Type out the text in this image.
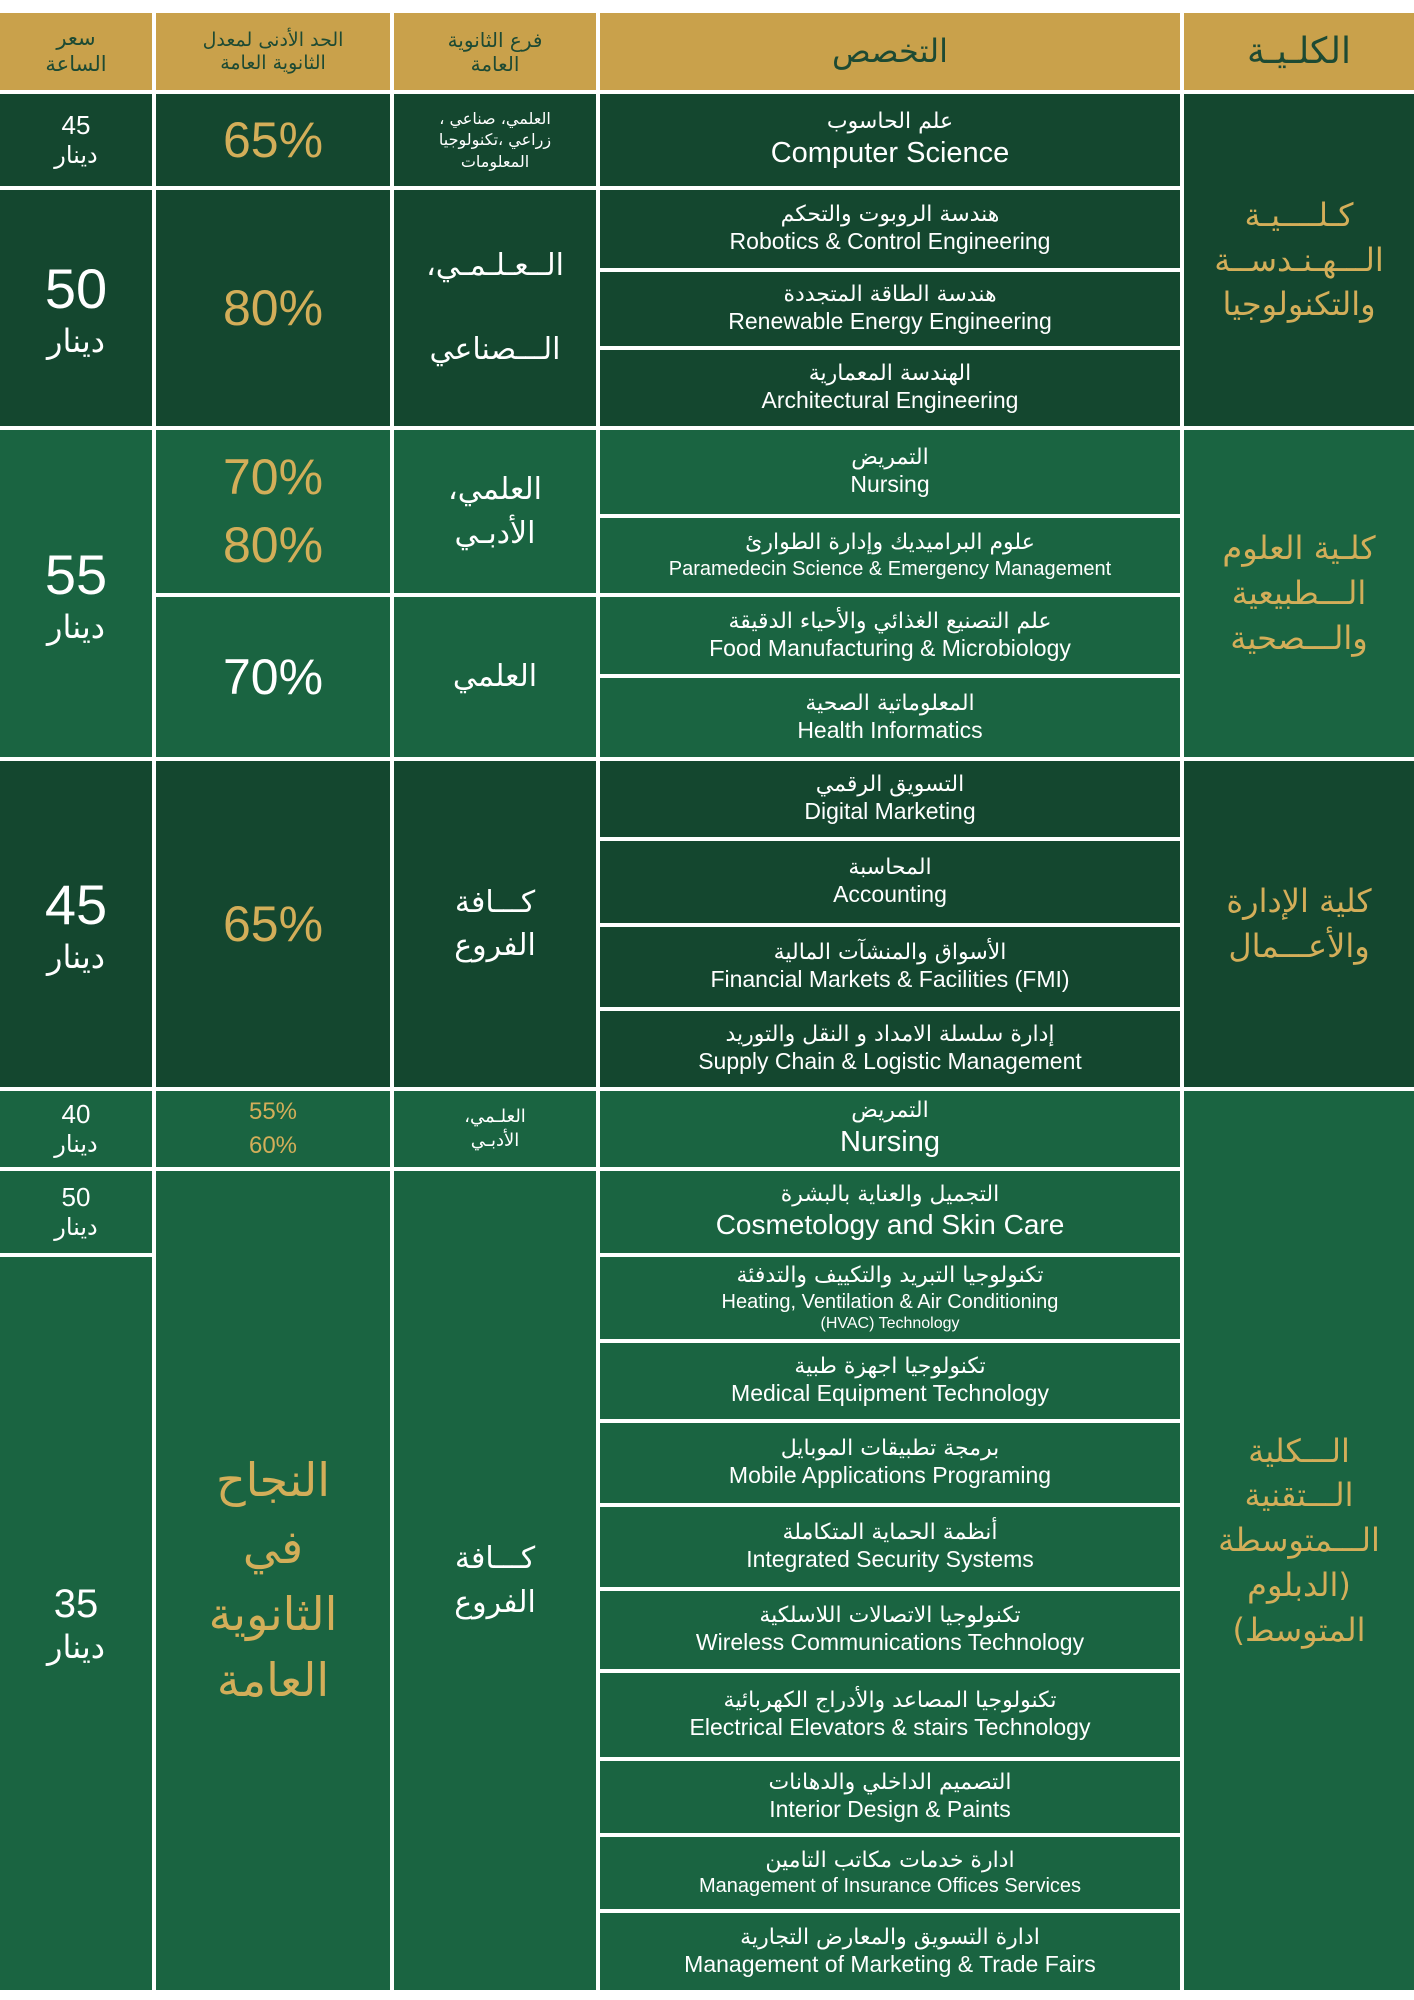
سعر
الساعة
الحد الأدنى لمعدل
الثانوية العامة
فرع الثانوية
العامة	التخصص	الكلـيـة
كـلــــيـة
الـــهـنـدســة
والتكنولوجيا
كلـية العلوم
الـــطبيعية
والـــصحية
كلية الإدارة
والأعـــمال
الـــكلية
الـــتقنية
الـــمتوسطة
(الدبلوم
المتوسط)
45
دينار
50
دينار
55
دينار
45
دينار
40
دينار
50
دينار
35
دينار
65%
80%
70%
80%
70%
65%
55%
60%
النجاح
في
الثانوية
العامة
العلمي، صناعي ،
زراعي ،تكنولوجيا
المعلومات
الــعـلـمـي،

الـــصناعي
العلمي،
الأدبـي
العلمي
كـــافة
الفروع
العلـمي،
الأدبـي
كـــافة
الفروع
علم الحاسوب
Computer Science
هندسة الروبوت والتحكم
Robotics & Control Engineering
هندسة الطاقة المتجددة
Renewable Energy Engineering
الهندسة المعمارية
Architectural Engineering
التمريض
Nursing
علوم البراميديك وإدارة الطوارئ
Paramedecin Science & Emergency Management
علم التصنيع الغذائي والأحياء الدقيقة
Food Manufacturing & Microbiology
المعلوماتية الصحية
Health Informatics
التسويق الرقمي
Digital Marketing
المحاسبة
Accounting
الأسواق والمنشآت المالية
Financial Markets & Facilities (FMI)
إدارة سلسلة الامداد و النقل والتوريد
Supply Chain & Logistic Management
التمريض
Nursing
التجميل والعناية بالبشرة
Cosmetology and Skin Care
تكنولوجيا التبريد والتكييف والتدفئة
Heating, Ventilation & Air Conditioning
(HVAC) Technology
تكنولوجيا اجهزة طبية
Medical Equipment Technology
برمجة تطبيقات الموبايل
Mobile Applications Programing
أنظمة الحماية المتكاملة
Integrated Security Systems
تكنولوجيا الاتصالات اللاسلكية
Wireless Communications Technology
تكنولوجيا المصاعد والأدراج الكهربائية
Electrical Elevators & stairs Technology
التصميم الداخلي والدهانات
Interior Design & Paints
ادارة خدمات مكاتب التامين
Management of Insurance Offices Services
ادارة التسويق والمعارض التجارية
Management of Marketing & Trade Fairs
